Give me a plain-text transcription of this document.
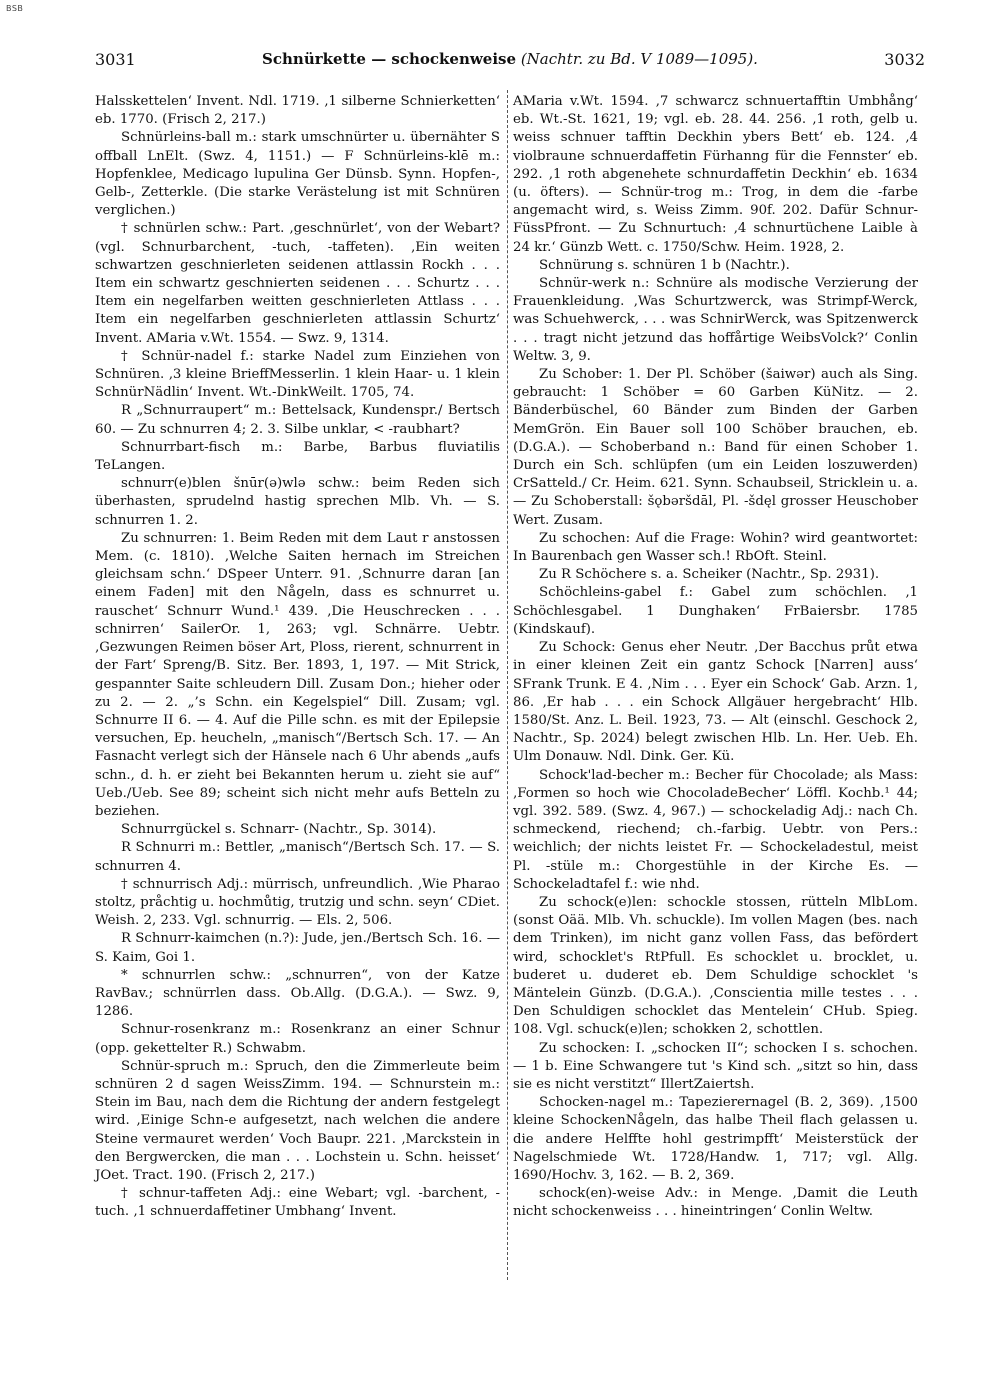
BSB
3031	Schnürkette — schockenweise (Nachtr. zu Bd. V 1089—1095).	3032

Halsskettelen‘ Invent. Ndl. 1719. ‚1 silberne Schnierketten‘ eb. 1770. (Frisch 2, 217.)

Schnürleins-ball m.: stark umschnürter u. übernähter S offball LnElt. (Swz. 4, 1151.) — F Schnürleins-klē m.: Hopfenklee, Medicago lupulina Ger Dünsb. Synn. Hopfen-, Gelb-, Zetterkle. (Die starke Verästelung ist mit Schnüren verglichen.)

† schnürlen schw.: Part. ‚geschnürlet‘, von der Webart? (vgl. Schnurbarchent, -tuch, -taffeten). ‚Ein weiten schwartzen geschnierleten seidenen attlassin Rockh . . . Item ein schwartz geschnierten seidenen . . . Schurtz . . . Item ein negelfarben weitten geschnierleten Attlass . . . Item ein negelfarben geschnierleten attlassin Schurtz‘ Invent. AMaria v.Wt. 1554. — Swz. 9, 1314.

† Schnür-nadel f.: starke Nadel zum Einziehen von Schnüren. ‚3 kleine BrieffMesserlin. 1 klein Haar- u. 1 klein SchnürNädlin‘ Invent. Wt.-DinkWeilt. 1705, 74.

R „Schnurraupert“ m.: Bettelsack, Kundenspr./ Bertsch 60. — Zu schnurren 4; 2. 3. Silbe unklar, < -raubhart?

Schnurrbart-fisch m.: Barbe, Barbus fluviatilis TeLangen.

schnurr(e)blen šnūr(ə)wlə schw.: beim Reden sich überhasten, sprudelnd hastig sprechen Mlb. Vh. — S. schnurren 1. 2.

Zu schnurren: 1. Beim Reden mit dem Laut r anstossen Mem. (c. 1810). ‚Welche Saiten hernach im Streichen gleichsam schn.‘ DSpeer Unterr. 91. ‚Schnurre daran [an einem Faden] mit den Någeln, dass es schnurret u. rauschet‘ Schnurr Wund.¹ 439. ‚Die Heuschrecken . . . schnirren‘ SailerOr. 1, 263; vgl. Schnärre. Uebtr. ‚Gezwungen Reimen böser Art, Ploss, rierent, schnurrent in der Fart‘ Spreng/B. Sitz. Ber. 1893, 1, 197. — Mit Strick, gespannter Saite schleudern Dill. Zusam Don.; hieher oder zu 2. — 2. „’s Schn. ein Kegelspiel“ Dill. Zusam; vgl. Schnurre II 6. — 4. Auf die Pille schn. es mit der Epilepsie versuchen, Ep. heucheln, „manisch“/Bertsch Sch. 17. — An Fasnacht verlegt sich der Hänsele nach 6 Uhr abends „aufs schn., d. h. er zieht bei Bekannten herum u. zieht sie auf“ Ueb./Ueb. See 89; scheint sich nicht mehr aufs Betteln zu beziehen.

Schnurrgückel s. Schnarr- (Nachtr., Sp. 3014).

R Schnurri m.: Bettler, „manisch“/Bertsch Sch. 17. — S. schnurren 4.

† schnurrisch Adj.: mürrisch, unfreundlich. ‚Wie Pharao stoltz, pråchtig u. hochmůtig, trutzig und schn. seyn‘ CDiet. Weish. 2, 233. Vgl. schnurrig. — Els. 2, 506.

R Schnurr-kaimchen (n.?): Jude, jen./Bertsch Sch. 16. — S. Kaim, Goi 1.

* schnurrlen schw.: „schnurren“, von der Katze RavBav.; schnürrlen dass. Ob.Allg. (D.G.A.). — Swz. 9, 1286.

Schnur-rosenkranz m.: Rosenkranz an einer Schnur (opp. gekettelter R.) Schwabm.

Schnür-spruch m.: Spruch, den die Zimmerleute beim schnüren 2 d sagen WeissZimm. 194. — Schnurstein m.: Stein im Bau, nach dem die Richtung der andern festgelegt wird. ‚Einige Schn-e aufgesetzt, nach welchen die andere Steine vermauret werden‘ Voch Baupr. 221. ‚Marckstein in den Bergwercken, die man . . . Lochstein u. Schn. heisset‘ JOet. Tract. 190. (Frisch 2, 217.)

† schnur-taffeten Adj.: eine Webart; vgl. -barchent, -tuch. ‚1 schnuerdaffetiner Umbhang‘ Invent.

AMaria v.Wt. 1594. ‚7 schwarcz schnuertafftin Umbhång‘ eb. Wt.-St. 1621, 19; vgl. eb. 28. 44. 256. ‚1 roth, gelb u. weiss schnuer tafftin Deckhin ybers Bett‘ eb. 124. ‚4 violbraune schnuerdaffetin Fürhanng für die Fennster‘ eb. 292. ‚1 roth abgenehete schnurdaffetin Deckhin‘ eb. 1634 (u. öfters). — Schnür-trog m.: Trog, in dem die -farbe angemacht wird, s. Weiss Zimm. 90f. 202. Dafür Schnur- FüssPfront. — Zu Schnurtuch: ‚4 schnurtüchene Laible à 24 kr.‘ Günzb Wett. c. 1750/Schw. Heim. 1928, 2.

Schnürung s. schnüren 1 b (Nachtr.).

Schnür-werk n.: Schnüre als modische Verzierung der Frauenkleidung. ‚Was Schurtzwerck, was Strimpf-Werck, was Schuehwerck, . . . was SchnirWerck, was Spitzenwerck . . . tragt nicht jetzund das hoffårtige WeibsVolck?‘ Conlin Weltw. 3, 9.

Zu Schober: 1. Der Pl. Schöber (šaiwər) auch als Sing. gebraucht: 1 Schöber = 60 Garben KüNitz. — 2. Bänderbüschel, 60 Bänder zum Binden der Garben MemGrön. Ein Bauer soll 100 Schöber brauchen, eb. (D.G.A.). — Schoberband n.: Band für einen Schober 1. Durch ein Sch. schlüpfen (um ein Leiden loszuwerden) CrSatteld./ Cr. Heim. 621. Synn. Schaubseil, Stricklein u. a. — Zu Schoberstall: šǫbəršdāl, Pl. -šdęl grosser Heuschober Wert. Zusam.

Zu schochen: Auf die Frage: Wohin? wird geantwortet: In Baurenbach gen Wasser sch.! RbOft. Steinl.

Zu R Schöchere s. a. Scheiker (Nachtr., Sp. 2931).

Schöchleins-gabel f.: Gabel zum schöchlen. ‚1 Schöchlesgabel. 1 Dunghaken‘ FrBaiersbr. 1785 (Kindskauf).

Zu Schock: Genus eher Neutr. ‚Der Bacchus průt etwa in einer kleinen Zeit ein gantz Schock [Narren] auss‘ SFrank Trunk. E 4. ‚Nim . . . Eyer ein Schock‘ Gab. Arzn. 1, 86. ‚Er hab . . . ein Schock Allgäuer hergebracht‘ Hlb. 1580/St. Anz. L. Beil. 1923, 73. — Alt (einschl. Geschock 2, Nachtr., Sp. 2024) belegt zwischen Hlb. Ln. Her. Ueb. Eh. Ulm Donauw. Ndl. Dink. Ger. Kü.

Schock'lad-becher m.: Becher für Chocolade; als Mass: ‚Formen so hoch wie ChocoladeBecher‘ Löffl. Kochb.¹ 44; vgl. 392. 589. (Swz. 4, 967.) — schockeladig Adj.: nach Ch. schmeckend, riechend; ch.-farbig. Uebtr. von Pers.: weichlich; der nichts leistet Fr. — Schockeladestul, meist Pl. -stüle m.: Chorgestühle in der Kirche Es. — Schockeladtafel f.: wie nhd.

Zu schock(e)len: schockle stossen, rütteln MlbLom. (sonst Oää. Mlb. Vh. schuckle). Im vollen Magen (bes. nach dem Trinken), im nicht ganz vollen Fass, das befördert wird, schocklet's RtPfull. Es schocklet u. brocklet, u. buderet u. duderet eb. Dem Schuldige schocklet 's Mäntelein Günzb. (D.G.A.). ‚Conscientia mille testes . . . Den Schuldigen schocklet das Mentelein‘ CHub. Spieg. 108. Vgl. schuck(e)len; schokken 2, schottlen.

Zu schocken: I. „schocken II“; schocken I s. schochen. — 1 b. Eine Schwangere tut 's Kind sch. „sitzt so hin, dass sie es nicht verstitzt“ IllertZaiertsh.

Schocken-nagel m.: Tapezierernagel (B. 2, 369). ‚1500 kleine SchockenNågeln, das halbe Theil flach gelassen u. die andere Helffte hohl gestrimpfft‘ Meisterstück der Nagelschmiede Wt. 1728/Handw. 1, 717; vgl. Allg. 1690/Hochv. 3, 162. — B. 2, 369.

schock(en)-weise Adv.: in Menge. ‚Damit die Leuth nicht schockenweiss . . . hineintringen‘ Conlin Weltw.
